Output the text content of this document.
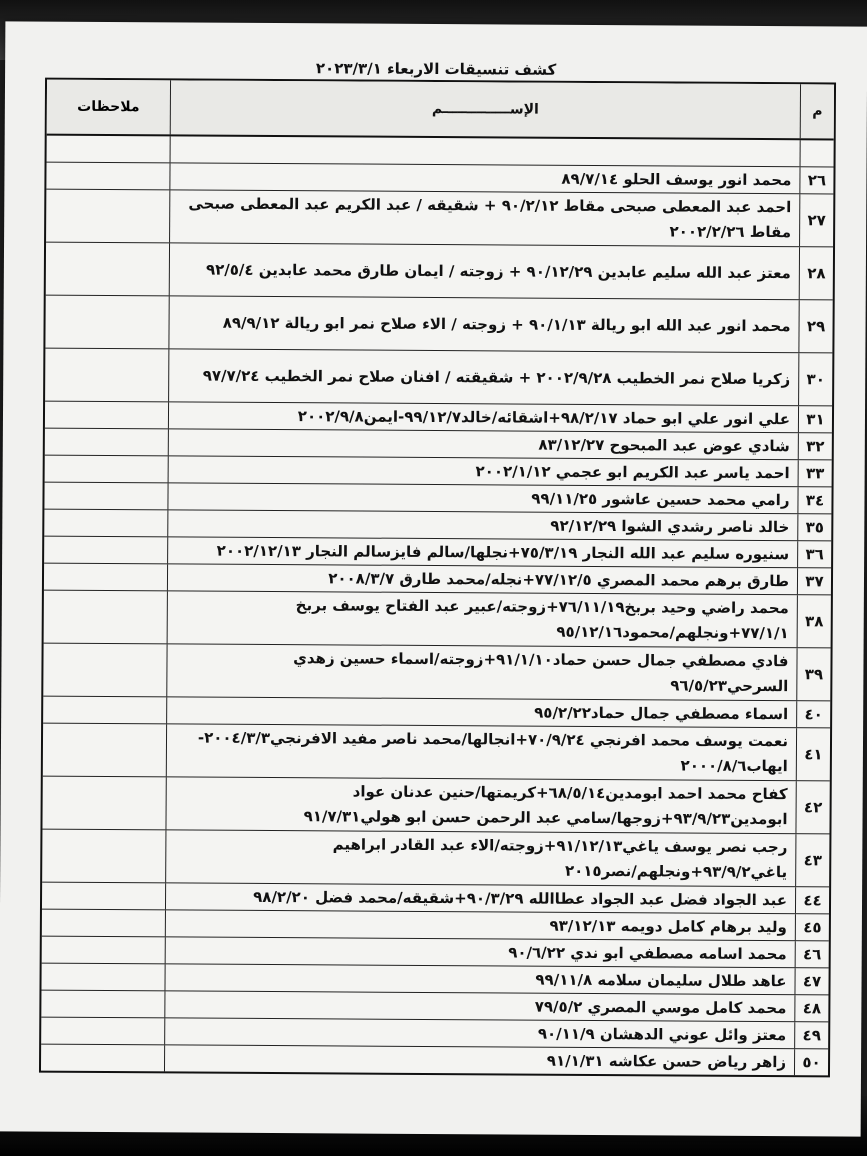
كشف تنسيقات الاربعاء ٢٠٢٣/٣/١
م
الإســــــــــــــم
ملاحظات
٢٦
محمد انور يوسف الحلو ٨٩/٧/١٤
٢٧
احمد عبد المعطى صبحى مقاط ٩٠/٢/١٢ + شقيقه / عبد الكريم عبد المعطى صبحى مقاط ٢٠٠٢/٢/٢٦
٢٨
معتز عبد الله سليم عابدين ٩٠/١٢/٢٩ + زوجته / ايمان طارق محمد عابدين ٩٢/٥/٤
٢٩
محمد انور عبد الله ابو ريالة ٩٠/١/١٣ + زوجته / الاء صلاح نمر ابو ريالة ٨٩/٩/١٢
٣٠
زكريا صلاح نمر الخطيب ٢٠٠٢/٩/٢٨ + شقيقته / افنان صلاح نمر الخطيب ٩٧/٧/٢٤
٣١
علي انور علي ابو حماد ٩٨/٢/١٧+اشقائه/خالد٩٩/١٢/٧-ايمن٢٠٠٢/٩/٨
٣٢
شادي عوض عبد المبحوح ٨٣/١٢/٢٧
٣٣
احمد ياسر عبد الكريم ابو عجمي ٢٠٠٢/١/١٢
٣٤
رامي محمد حسين عاشور ٩٩/١١/٢٥
٣٥
خالد ناصر رشدي الشوا ٩٢/١٢/٢٩
٣٦
سنيوره سليم عبد الله النجار ٧٥/٣/١٩+نجلها/سالم فايزسالم النجار ٢٠٠٢/١٢/١٣
٣٧
طارق برهم محمد المصري ٧٧/١٢/٥+نجله/محمد طارق ٢٠٠٨/٣/٧
٣٨
محمد راضي وحيد بربخ٧٦/١١/١٩+زوجته/عبير عبد الفتاح يوسف بربخ ٧٧/١/١+ونجلهم/محمود٩٥/١٢/١٦
٣٩
فادي مصطفي جمال حسن حماد٩١/١/١٠+زوجته/اسماء حسين زهدي السرحي٩٦/٥/٢٣
٤٠
اسماء مصطفي جمال حماد٩٥/٢/٢٢
٤١
نعمت يوسف محمد افرنجي ٧٠/٩/٢٤+انجالها/محمد ناصر مفيد الافرنجي٢٠٠٤/٣/٣-ايهاب٢٠٠٠/٨/٦
٤٢
كفاح محمد احمد ابومدين٦٨/٥/١٤+كريمتها/حنين عدنان عواد ابومدين٩٣/٩/٢٣+زوجها/سامي عبد الرحمن حسن ابو هولي٩١/٧/٣١
٤٣
رجب نصر يوسف ياغي٩١/١٢/١٣+زوجته/الاء عبد القادر ابراهيم ياغي٩٣/٩/٢+ونجلهم/نصر٢٠١٥
٤٤
عبد الجواد فضل عبد الجواد عطاالله ٩٠/٣/٢٩+شقيقه/محمد فضل ٩٨/٢/٢٠
٤٥
وليد برهام كامل دويمه ٩٣/١٢/١٣
٤٦
محمد اسامه مصطفي ابو ندي ٩٠/٦/٢٢
٤٧
عاهد طلال سليمان سلامه ٩٩/١١/٨
٤٨
محمد كامل موسي المصري ٧٩/٥/٢
٤٩
معتز وائل عوني الدهشان ٩٠/١١/٩
٥٠
زاهر رياض حسن عكاشه ٩١/١/٣١
